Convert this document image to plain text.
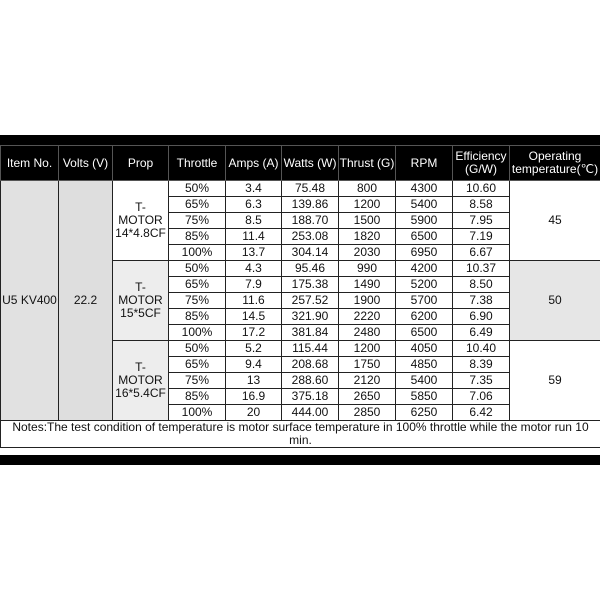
Item No.	Volts (V)	Prop	Throttle	Amps (A)	Watts (W)	Thrust (G)	RPM	Efficiency (G/W)	Operating temperature(℃)
U5 KV400	22.2	T-MOTOR 14*4.8CF	50%	3.4	75.48	800	4300	10.60	45
			65%	6.3	139.86	1200	5400	8.58	
			75%	8.5	188.70	1500	5900	7.95	
			85%	11.4	253.08	1820	6500	7.19	
			100%	13.7	304.14	2030	6950	6.67	
		T-MOTOR 15*5CF	50%	4.3	95.46	990	4200	10.37	50
			65%	7.9	175.38	1490	5200	8.50	
			75%	11.6	257.52	1900	5700	7.38	
			85%	14.5	321.90	2220	6200	6.90	
			100%	17.2	381.84	2480	6500	6.49	
		T-MOTOR 16*5.4CF	50%	5.2	115.44	1200	4050	10.40	59
			65%	9.4	208.68	1750	4850	8.39	
			75%	13	288.60	2120	5400	7.35	
			85%	16.9	375.18	2650	5850	7.06	
			100%	20	444.00	2850	6250	6.42	
Notes:The test condition of temperature is motor surface temperature in 100% throttle while the motor run 10 min.									
